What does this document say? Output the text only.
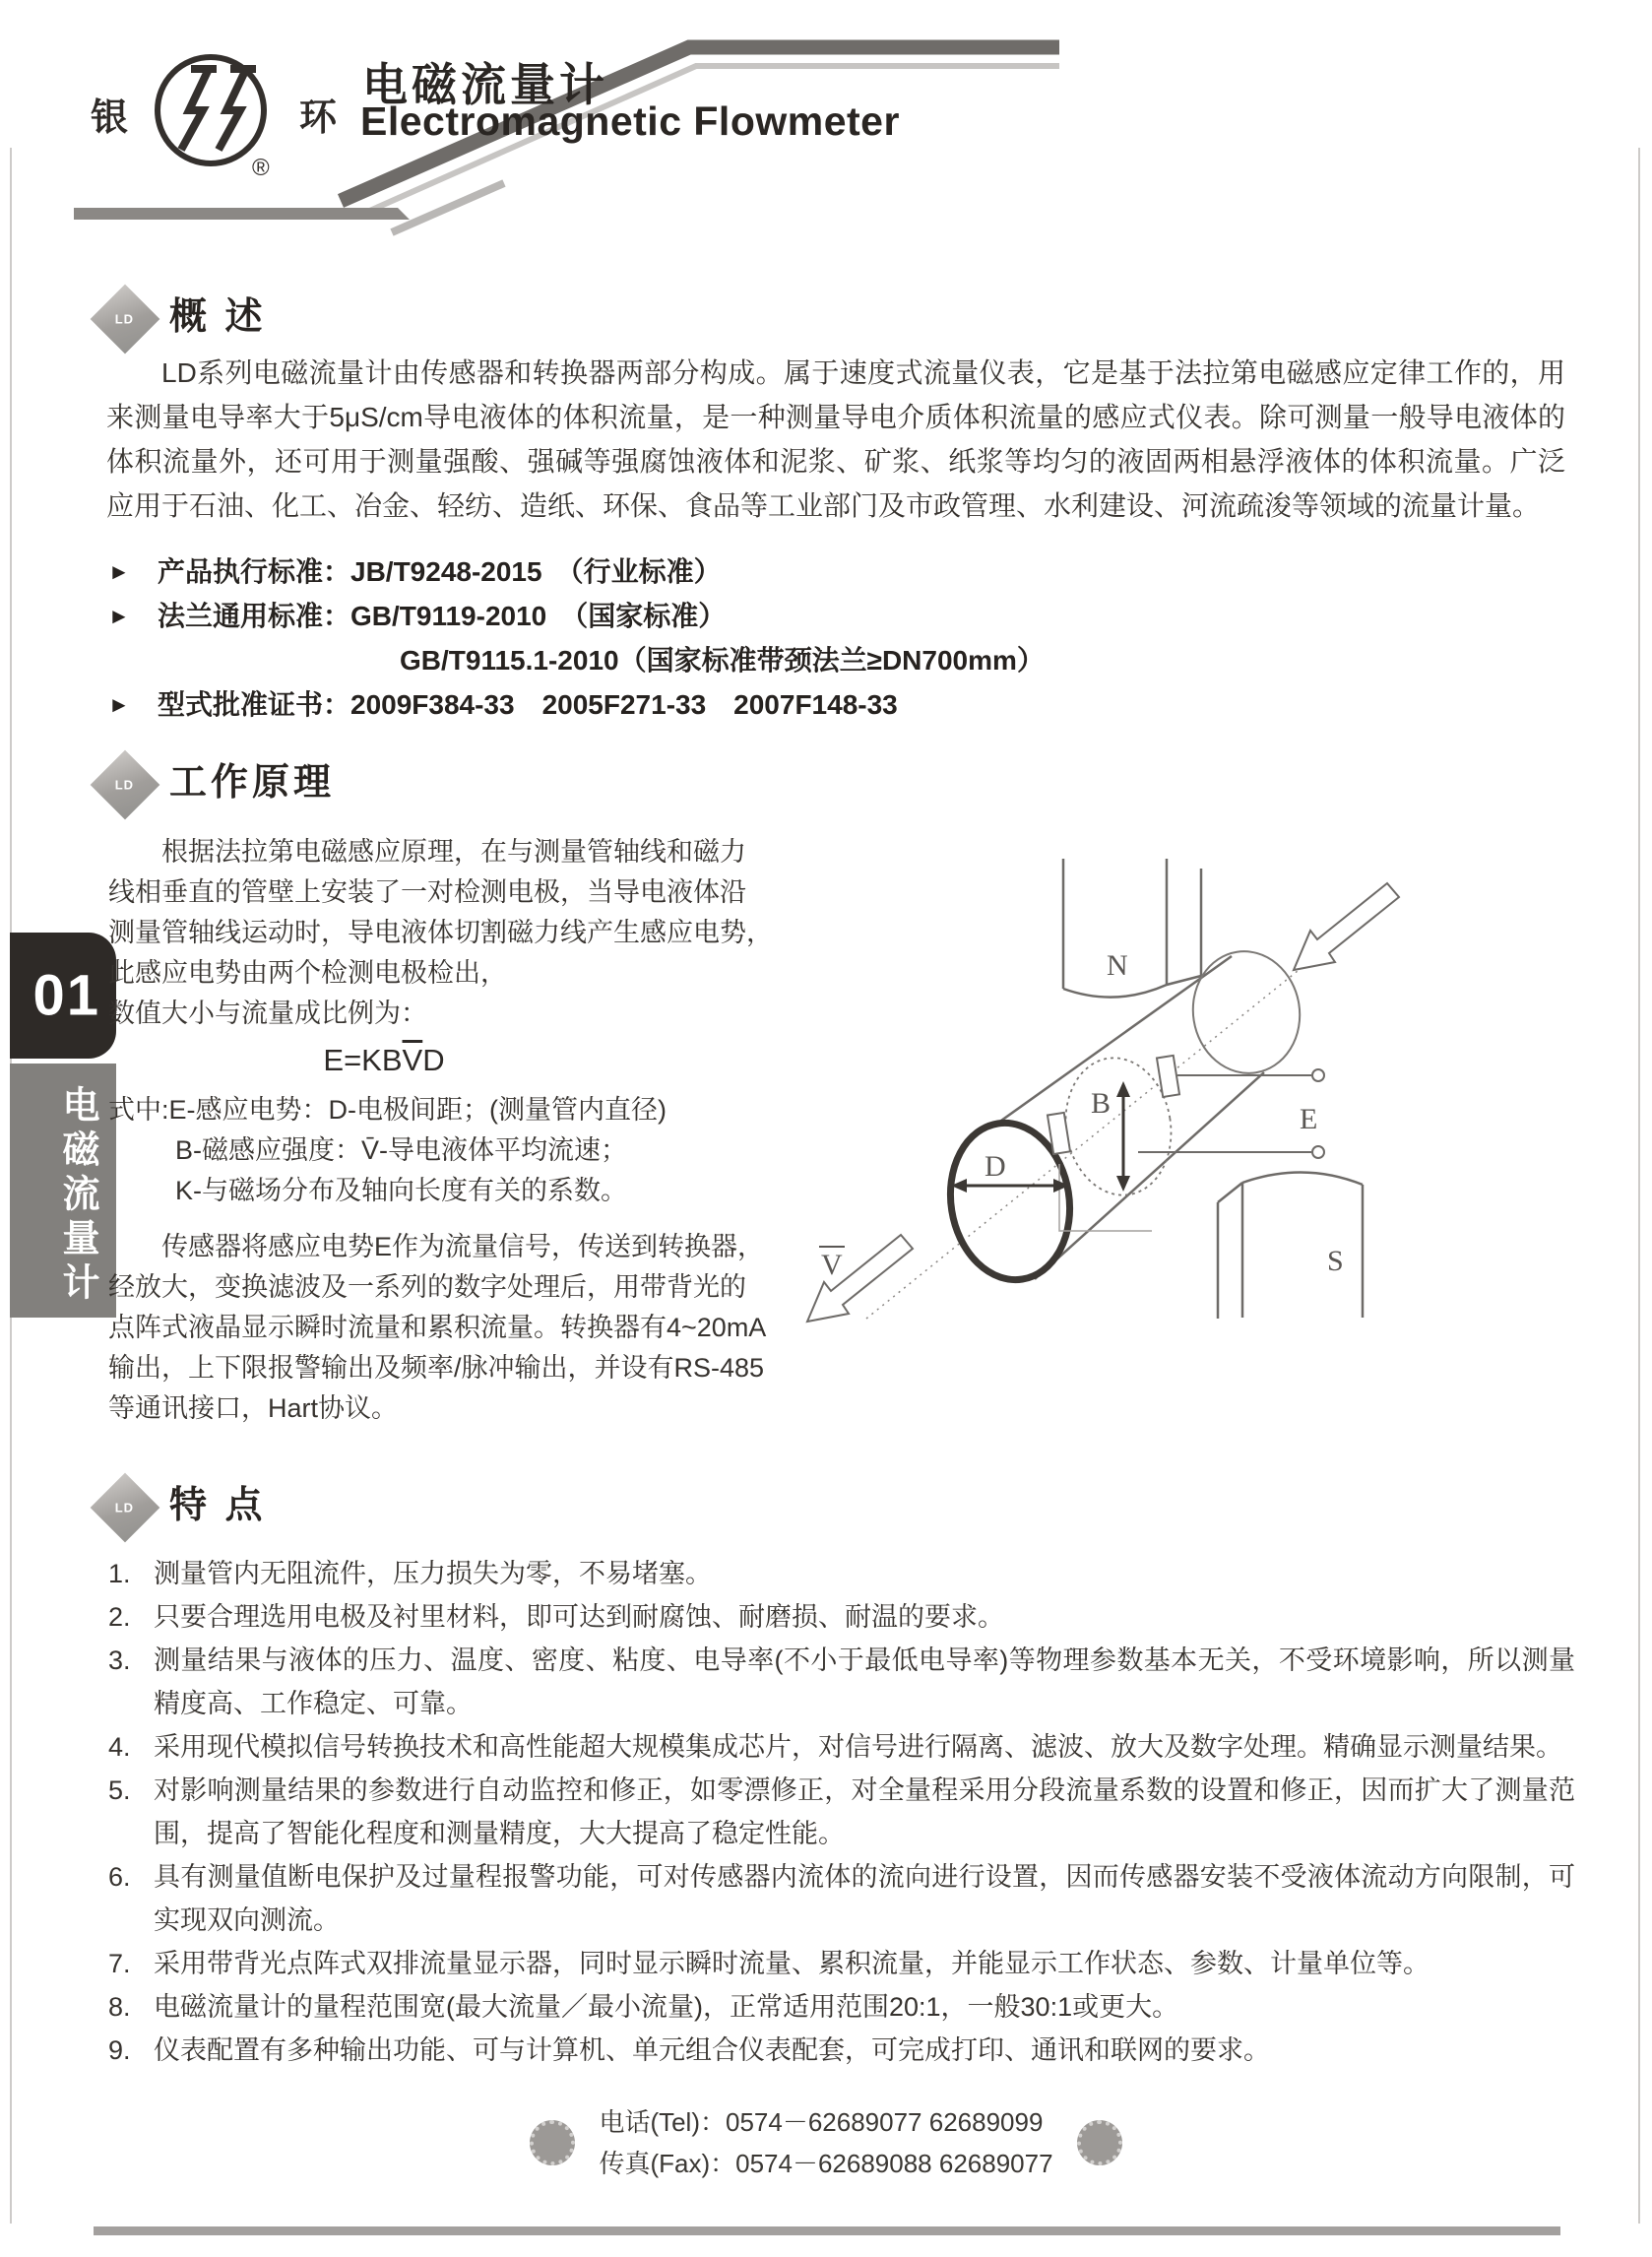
银
®
环
电磁流量计
Electromagnetic Flowmeter
01
电磁流量计
LD 概 述
LD系列电磁流量计由传感器和转换器两部分构成。属于速度式流量仪表，它是基于法拉第电磁感应定律工作的，用来测量电导率大于5μS/cm导电液体的体积流量，是一种测量导电介质体积流量的感应式仪表。除可测量一般导电液体的体积流量外，还可用于测量强酸、强碱等强腐蚀液体和泥浆、矿浆、纸浆等均匀的液固两相悬浮液体的体积流量。广泛应用于石油、化工、冶金、轻纺、造纸、环保、食品等工业部门及市政管理、水利建设、河流疏浚等领域的流量计量。
►	产品执行标准：JB/T9248-2015　（行业标准）
►	法兰通用标准：GB/T9119-2010　（国家标准）
GB/T9115.1-2010（国家标准带颈法兰≥DN700mm）
►	型式批准证书：2009F384-33　2005F271-33　2007F148-33
LD 工作原理
根据法拉第电磁感应原理，在与测量管轴线和磁力
线相垂直的管壁上安装了一对检测电极，当导电液体沿
测量管轴线运动时，导电液体切割磁力线产生感应电势，
此感应电势由两个检测电极检出，
数值大小与流量成比例为：
$E=KB\overline{V}D$
式中:E-感应电势：D-电极间距；(测量管内直径)
B-磁感应强度：V̄-导电液体平均流速；
K-与磁场分布及轴向长度有关的系数。
传感器将感应电势E作为流量信号，传送到转换器，
经放大，变换滤波及一系列的数字处理后，用带背光的
点阵式液晶显示瞬时流量和累积流量。转换器有4~20mA
输出，上下限报警输出及频率/脉冲输出，并设有RS-485
等通讯接口，Hart协议。
N
S
D
B	E
V
LD 特 点
1. 测量管内无阻流件，压力损失为零，不易堵塞。
2. 只要合理选用电极及衬里材料，即可达到耐腐蚀、耐磨损、耐温的要求。
3. 测量结果与液体的压力、温度、密度、粘度、电导率(不小于最低电导率)等物理参数基本无关，不受环境影响，所以测量精度高、工作稳定、可靠。
4. 采用现代模拟信号转换技术和高性能超大规模集成芯片，对信号进行隔离、滤波、放大及数字处理。精确显示测量结果。
5. 对影响测量结果的参数进行自动监控和修正，如零漂修正，对全量程采用分段流量系数的设置和修正，因而扩大了测量范围，提高了智能化程度和测量精度，大大提高了稳定性能。
6. 具有测量值断电保护及过量程报警功能，可对传感器内流体的流向进行设置，因而传感器安装不受液体流动方向限制，可实现双向测流。
7. 采用带背光点阵式双排流量显示器，同时显示瞬时流量、累积流量，并能显示工作状态、参数、计量单位等。
8. 电磁流量计的量程范围宽(最大流量／最小流量)，正常适用范围20:1，一般30:1或更大。
9. 仪表配置有多种输出功能、可与计算机、单元组合仪表配套，可完成打印、通讯和联网的要求。
电话(Tel)： 0574－62689077 62689099
传真(Fax)： 0574－62689088 62689077
